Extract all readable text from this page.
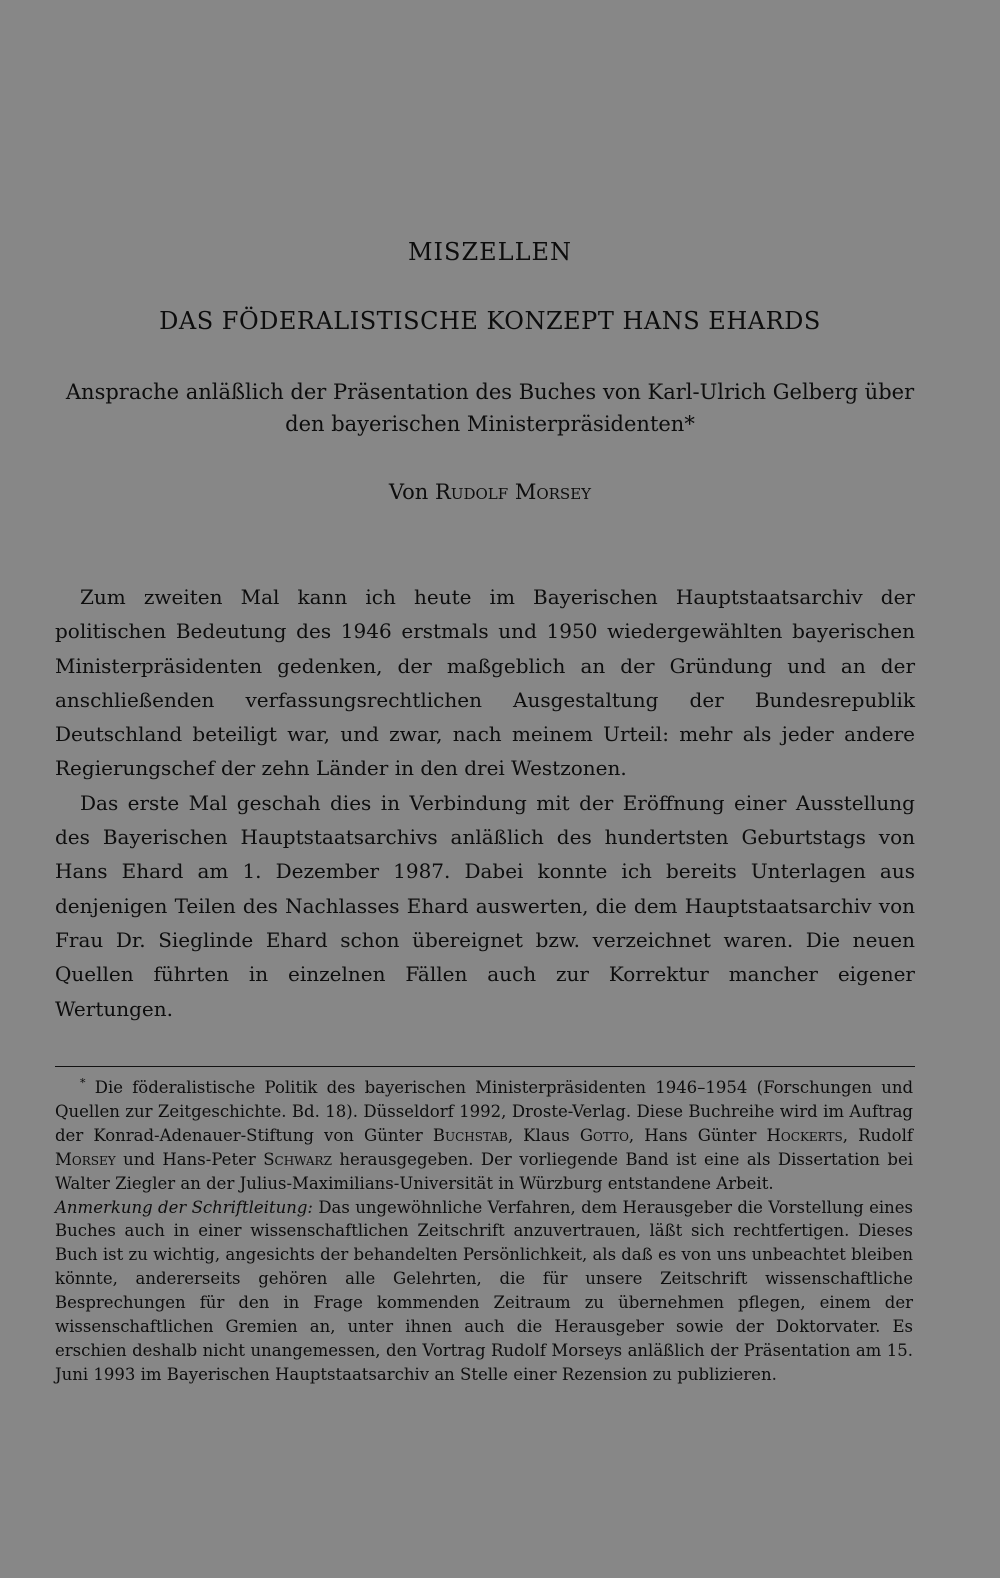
MISZELLEN
DAS FÖDERALISTISCHE KONZEPT HANS EHARDS
Ansprache anläßlich der Präsentation des Buches von Karl-Ulrich Gelberg über den bayerischen Ministerpräsidenten*
Von Rudolf Morsey

Zum zweiten Mal kann ich heute im Bayerischen Hauptstaatsarchiv der politischen Bedeutung des 1946 erstmals und 1950 wiedergewählten bayerischen Ministerpräsidenten gedenken, der maßgeblich an der Gründung und an der anschließenden verfassungsrechtlichen Ausgestaltung der Bundesrepublik Deutschland beteiligt war, und zwar, nach meinem Urteil: mehr als jeder andere Regierungschef der zehn Länder in den drei Westzonen.

Das erste Mal geschah dies in Verbindung mit der Eröffnung einer Ausstellung des Bayerischen Hauptstaatsarchivs anläßlich des hundertsten Geburtstags von Hans Ehard am 1. Dezember 1987. Dabei konnte ich bereits Unterlagen aus denjenigen Teilen des Nachlasses Ehard auswerten, die dem Hauptstaatsarchiv von Frau Dr. Sieglinde Ehard schon übereignet bzw. verzeichnet waren. Die neuen Quellen führten in einzelnen Fällen auch zur Korrektur mancher eigener Wertungen.

* Die föderalistische Politik des bayerischen Ministerpräsidenten 1946–1954 (Forschungen und Quellen zur Zeitgeschichte. Bd. 18). Düsseldorf 1992, Droste-Verlag. Diese Buchreihe wird im Auftrag der Konrad-Adenauer-Stiftung von Günter Buchstab, Klaus Gotto, Hans Günter Hockerts, Rudolf Morsey und Hans-Peter Schwarz herausgegeben. Der vorliegende Band ist eine als Dissertation bei Walter Ziegler an der Julius-Maximilians-Universität in Würzburg entstandene Arbeit.

Anmerkung der Schriftleitung: Das ungewöhnliche Verfahren, dem Herausgeber die Vorstellung eines Buches auch in einer wissenschaftlichen Zeitschrift anzuvertrauen, läßt sich rechtfertigen. Dieses Buch ist zu wichtig, angesichts der behandelten Persönlichkeit, als daß es von uns unbeachtet bleiben könnte, andererseits gehören alle Gelehrten, die für unsere Zeitschrift wissenschaftliche Besprechungen für den in Frage kommenden Zeitraum zu übernehmen pflegen, einem der wissenschaftlichen Gremien an, unter ihnen auch die Herausgeber sowie der Doktorvater. Es erschien deshalb nicht unangemessen, den Vortrag Rudolf Morseys anläßlich der Präsentation am 15. Juni 1993 im Bayerischen Hauptstaatsarchiv an Stelle einer Rezension zu publizieren.
